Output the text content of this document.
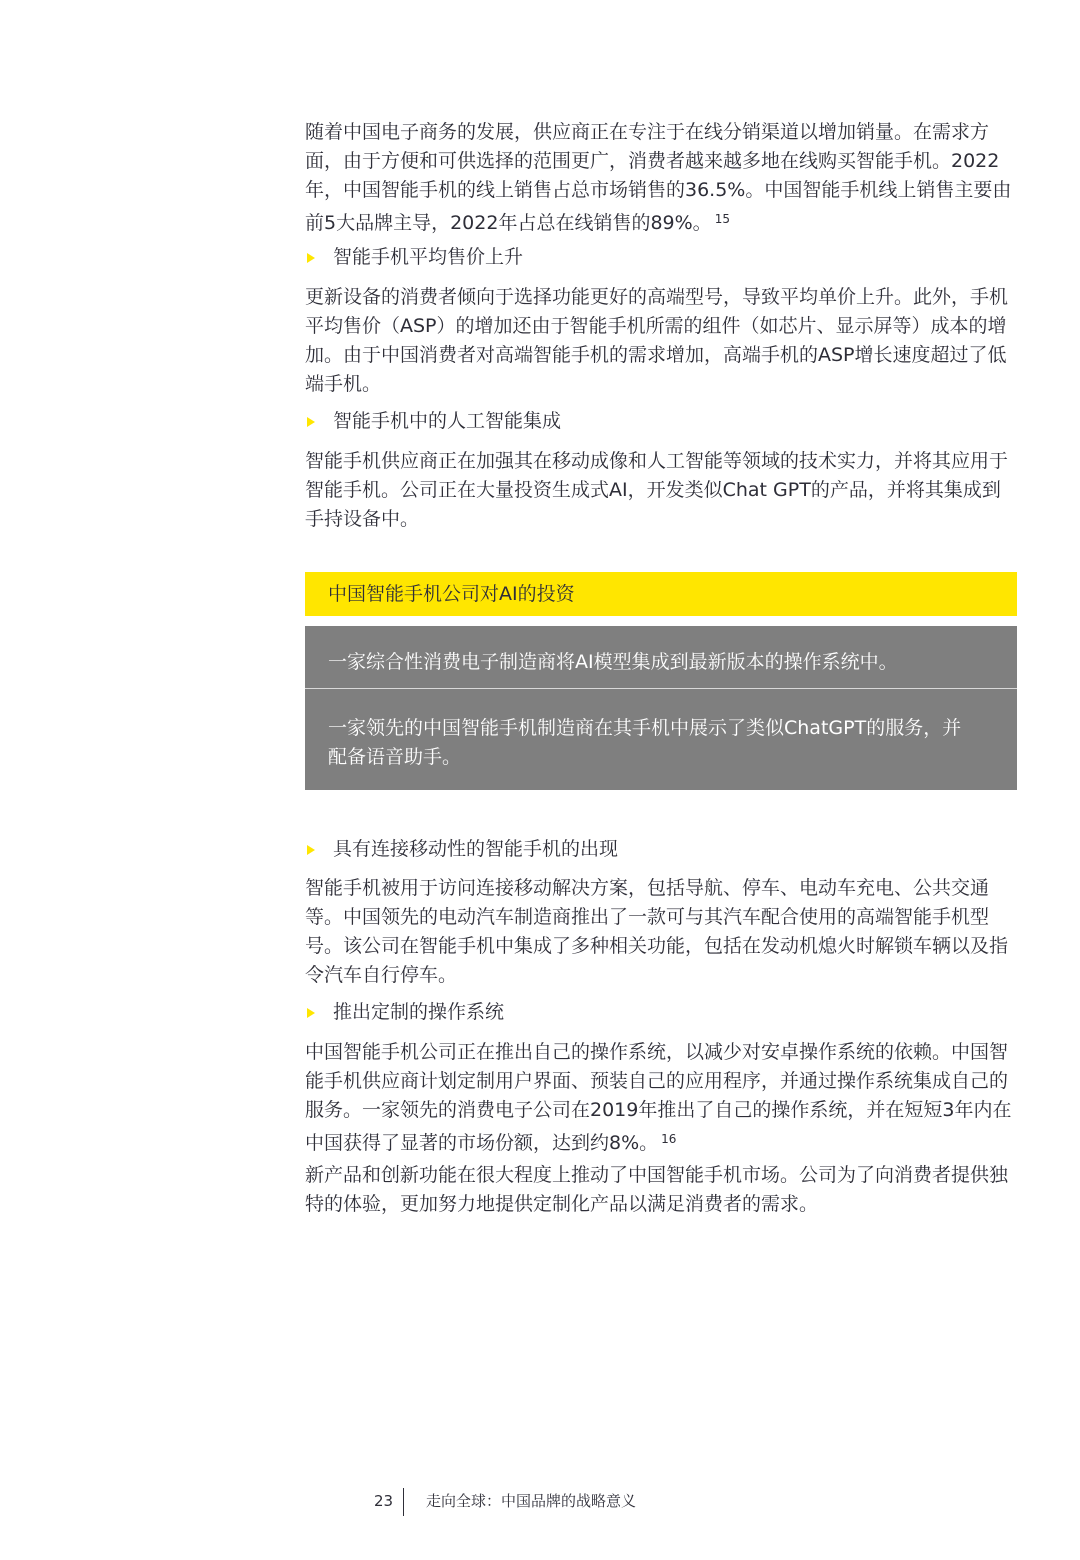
随着中国电子商务的发展，供应商正在专注于在线分销渠道以增加销量。在需求方面，由于方便和可供选择的范围更广，消费者越来越多地在线购买智能手机。2022年，中国智能手机的线上销售占总市场销售的36.5%。中国智能手机线上销售主要由前5大品牌主导，2022年占总在线销售的89%。 $^{15}$

智能手机平均售价上升

更新设备的消费者倾向于选择功能更好的高端型号，导致平均单价上升。此外，手机平均售价（ASP）的增加还由于智能手机所需的组件（如芯片、显示屏等）成本的增加。由于中国消费者对高端智能手机的需求增加，高端手机的ASP增长速度超过了低端手机。

智能手机中的人工智能集成

智能手机供应商正在加强其在移动成像和人工智能等领域的技术实力，并将其应用于智能手机。公司正在大量投资生成式AI，开发类似Chat GPT的产品，并将其集成到手持设备中。

中国智能手机公司对AI的投资
一家综合性消费电子制造商将AI模型集成到最新版本的操作系统中。
一家领先的中国智能手机制造商在其手机中展示了类似ChatGPT的服务，并配备语音助手。
具有连接移动性的智能手机的出现

智能手机被用于访问连接移动解决方案，包括导航、停车、电动车充电、公共交通等。中国领先的电动汽车制造商推出了一款可与其汽车配合使用的高端智能手机型号。该公司在智能手机中集成了多种相关功能，包括在发动机熄火时解锁车辆以及指令汽车自行停车。

推出定制的操作系统

中国智能手机公司正在推出自己的操作系统，以减少对安卓操作系统的依赖。中国智能手机供应商计划定制用户界面、预装自己的应用程序，并通过操作系统集成自己的服务。一家领先的消费电子公司在2019年推出了自己的操作系统，并在短短3年内在中国获得了显著的市场份额，达到约8%。 $^{16}$

新产品和创新功能在很大程度上推动了中国智能手机市场。公司为了向消费者提供独特的体验，更加努力地提供定制化产品以满足消费者的需求。

23 走向全球：中国品牌的战略意义
